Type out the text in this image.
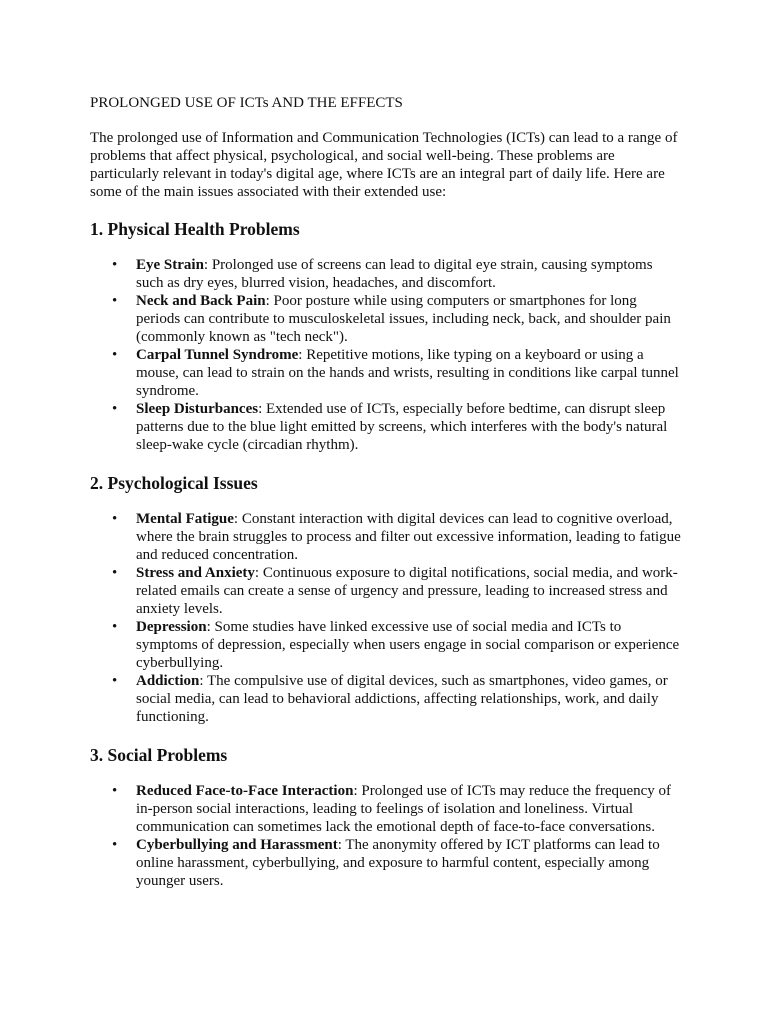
PROLONGED USE OF ICTs AND THE EFFECTS

The prolonged use of Information and Communication Technologies (ICTs) can lead to a range of problems that affect physical, psychological, and social well-being. These problems are particularly relevant in today's digital age, where ICTs are an integral part of daily life. Here are some of the main issues associated with their extended use:

1. Physical Health Problems
• Eye Strain: Prolonged use of screens can lead to digital eye strain, causing symptoms such as dry eyes, blurred vision, headaches, and discomfort.
• Neck and Back Pain: Poor posture while using computers or smartphones for long periods can contribute to musculoskeletal issues, including neck, back, and shoulder pain (commonly known as "tech neck").
• Carpal Tunnel Syndrome: Repetitive motions, like typing on a keyboard or using a mouse, can lead to strain on the hands and wrists, resulting in conditions like carpal tunnel syndrome.
• Sleep Disturbances: Extended use of ICTs, especially before bedtime, can disrupt sleep patterns due to the blue light emitted by screens, which interferes with the body's natural sleep-wake cycle (circadian rhythm).
2. Psychological Issues
• Mental Fatigue: Constant interaction with digital devices can lead to cognitive overload, where the brain struggles to process and filter out excessive information, leading to fatigue and reduced concentration.
• Stress and Anxiety: Continuous exposure to digital notifications, social media, and work-related emails can create a sense of urgency and pressure, leading to increased stress and anxiety levels.
• Depression: Some studies have linked excessive use of social media and ICTs to symptoms of depression, especially when users engage in social comparison or experience cyberbullying.
• Addiction: The compulsive use of digital devices, such as smartphones, video games, or social media, can lead to behavioral addictions, affecting relationships, work, and daily functioning.
3. Social Problems
• Reduced Face-to-Face Interaction: Prolonged use of ICTs may reduce the frequency of in-person social interactions, leading to feelings of isolation and loneliness. Virtual communication can sometimes lack the emotional depth of face-to-face conversations.
• Cyberbullying and Harassment: The anonymity offered by ICT platforms can lead to online harassment, cyberbullying, and exposure to harmful content, especially among younger users.
